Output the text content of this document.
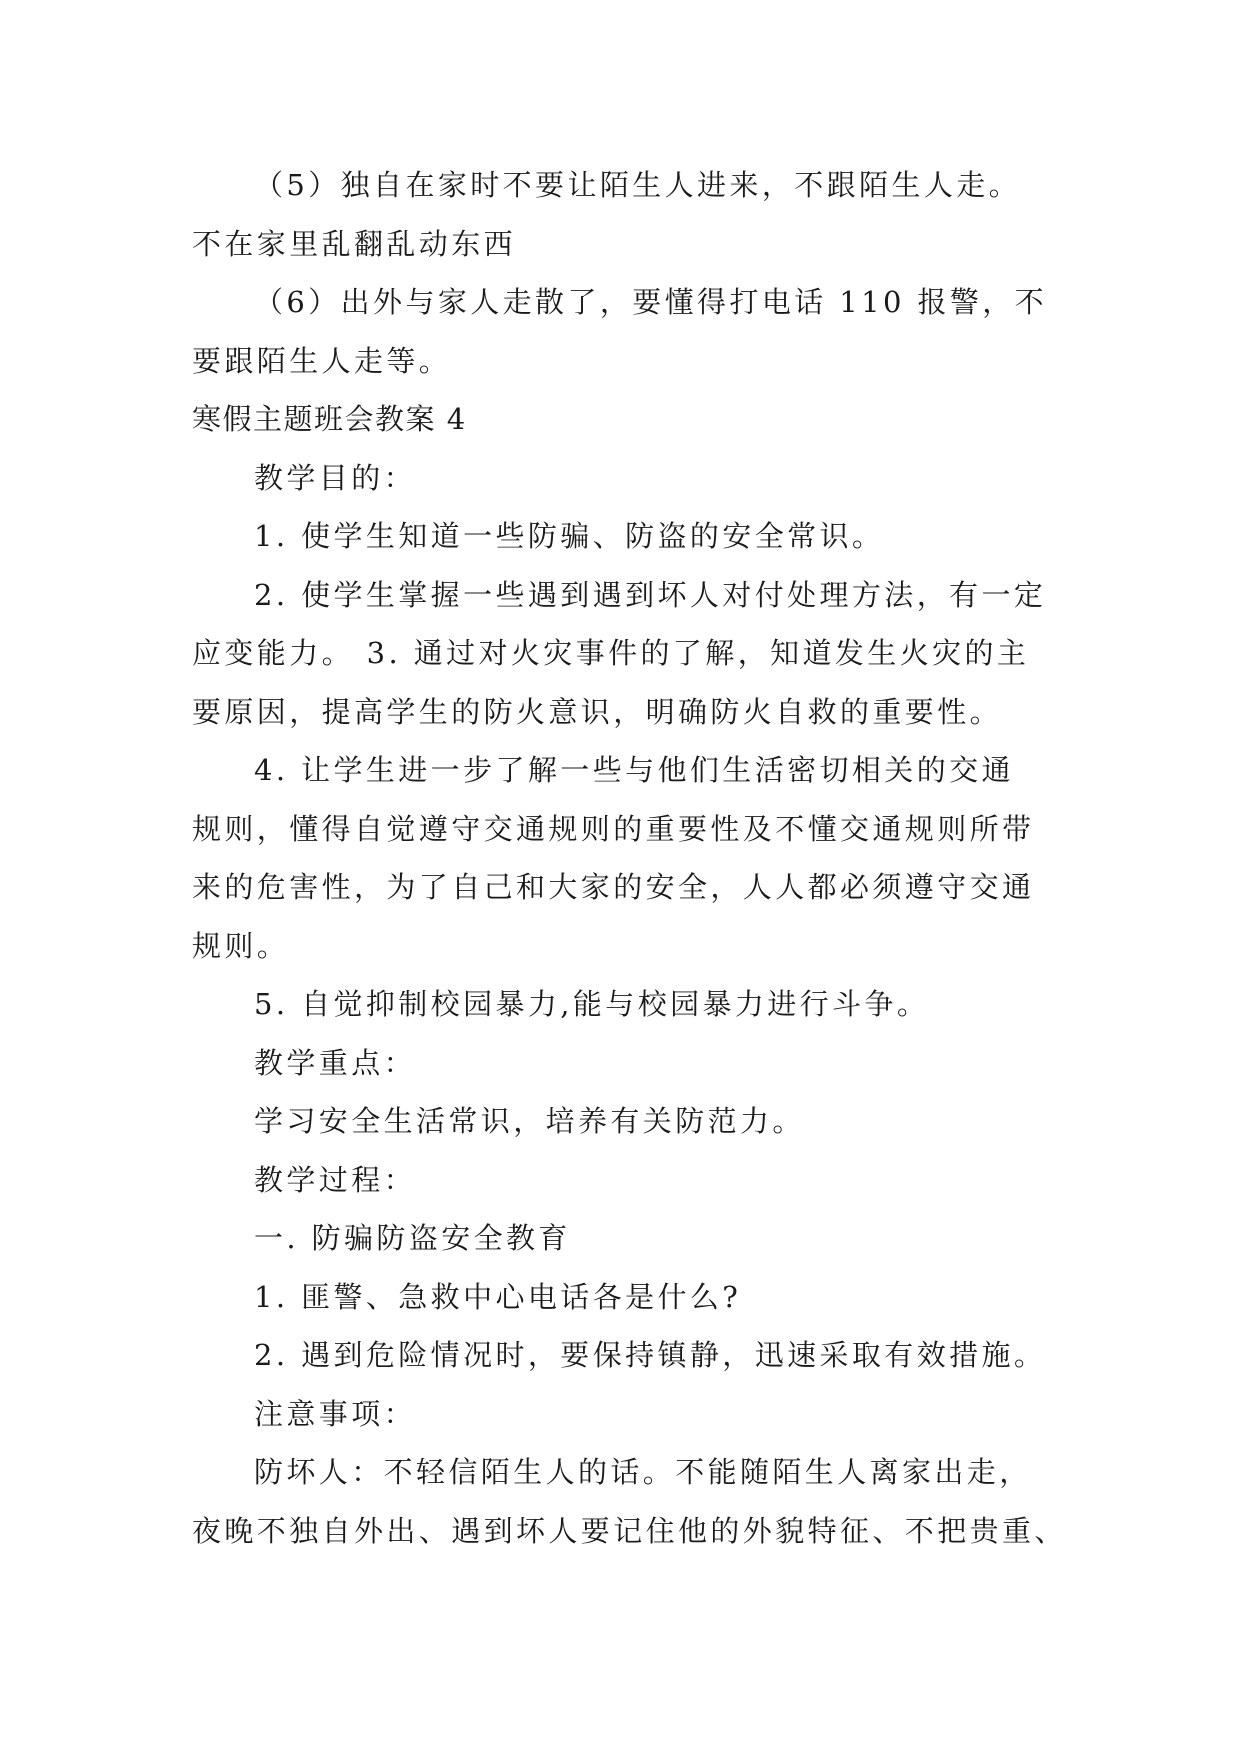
（5）独自在家时不要让陌生人进来，不跟陌生人走。
不在家里乱翻乱动东西
（6）出外与家人走散了，要懂得打电话 110 报警，不
要跟陌生人走等。
寒假主题班会教案 4
教学目的：
1. 使学生知道一些防骗、防盗的安全常识。
2. 使学生掌握一些遇到遇到坏人对付处理方法，有一定
应变能力。 3. 通过对火灾事件的了解，知道发生火灾的主
要原因，提高学生的防火意识，明确防火自救的重要性。
4. 让学生进一步了解一些与他们生活密切相关的交通
规则，懂得自觉遵守交通规则的重要性及不懂交通规则所带
来的危害性，为了自己和大家的安全，人人都必须遵守交通
规则。
5. 自觉抑制校园暴力,能与校园暴力进行斗争。
教学重点：
学习安全生活常识，培养有关防范力。
教学过程：
一. 防骗防盗安全教育
1. 匪警、急救中心电话各是什么?
2. 遇到危险情况时，要保持镇静，迅速采取有效措施。
注意事项：
防坏人：不轻信陌生人的话。不能随陌生人离家出走，
夜晚不独自外出、遇到坏人要记住他的外貌特征、不把贵重、
